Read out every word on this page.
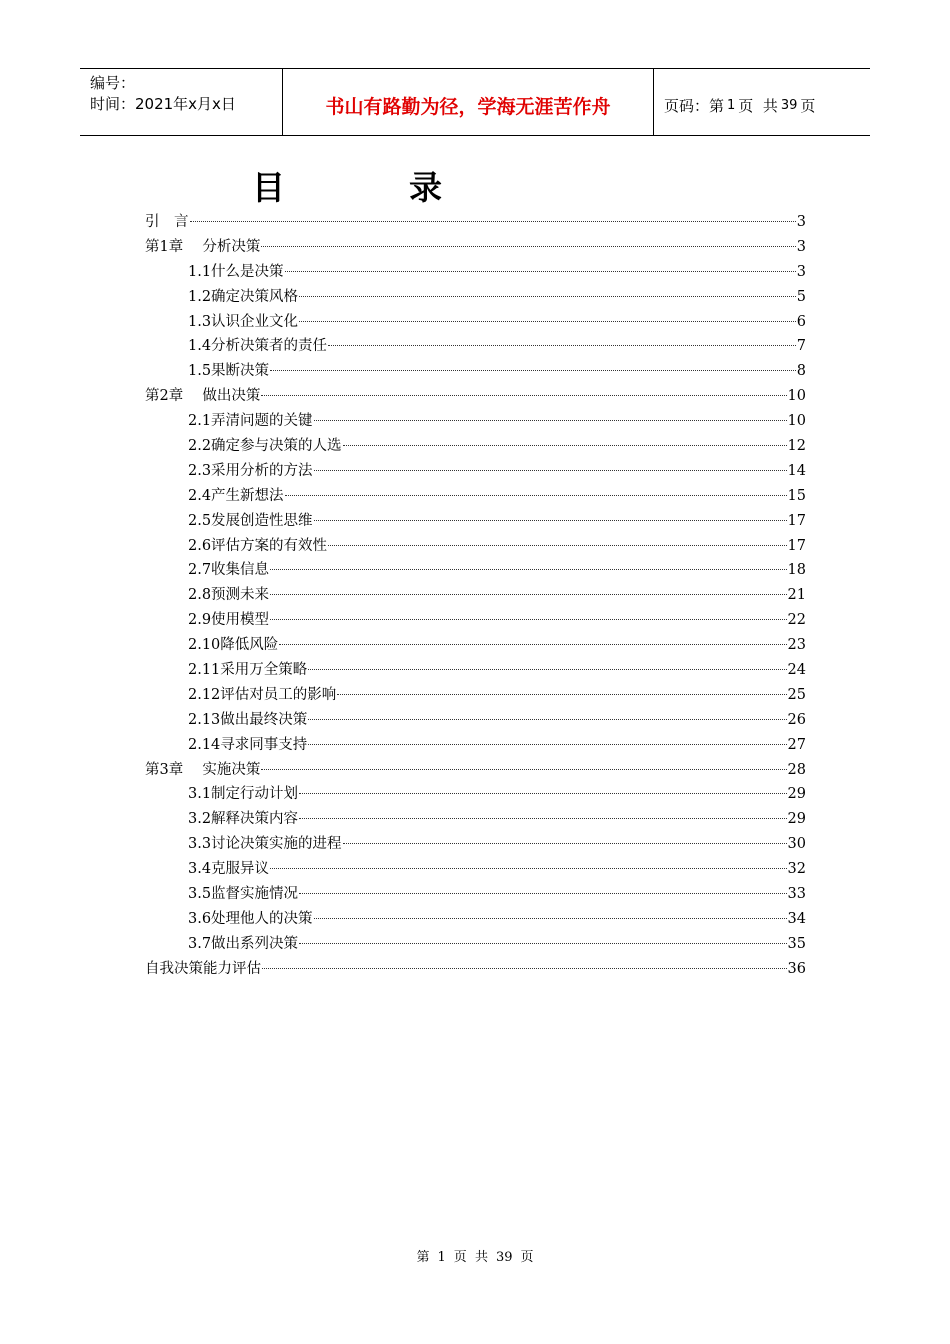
编号：
时间：2021年x月x日	书山有路勤为径，学海无涯苦作舟	页码：第 1 页  共 39 页
目	录
引　言	3
第1章　 分析决策	3
1.1什么是决策	3
1.2确定决策风格	5
1.3认识企业文化	6
1.4分析决策者的责任	7
1.5果断决策	8
第2章　 做出决策	10
2.1弄清问题的关键	10
2.2确定参与决策的人选	12
2.3采用分析的方法	14
2.4产生新想法	15
2.5发展创造性思维	17
2.6评估方案的有效性	17
2.7收集信息	18
2.8预测未来	21
2.9使用模型	22
2.10降低风险	23
2.11采用万全策略	24
2.12评估对员工的影响	25
2.13做出最终决策	26
2.14寻求同事支持	27
第3章　 实施决策	28
3.1制定行动计划	29
3.2解释决策内容	29
3.3讨论决策实施的进程	30
3.4克服异议	32
3.5监督实施情况	33
3.6处理他人的决策	34
3.7做出系列决策	35
自我决策能力评估	36
第 1 页  共 39 页
